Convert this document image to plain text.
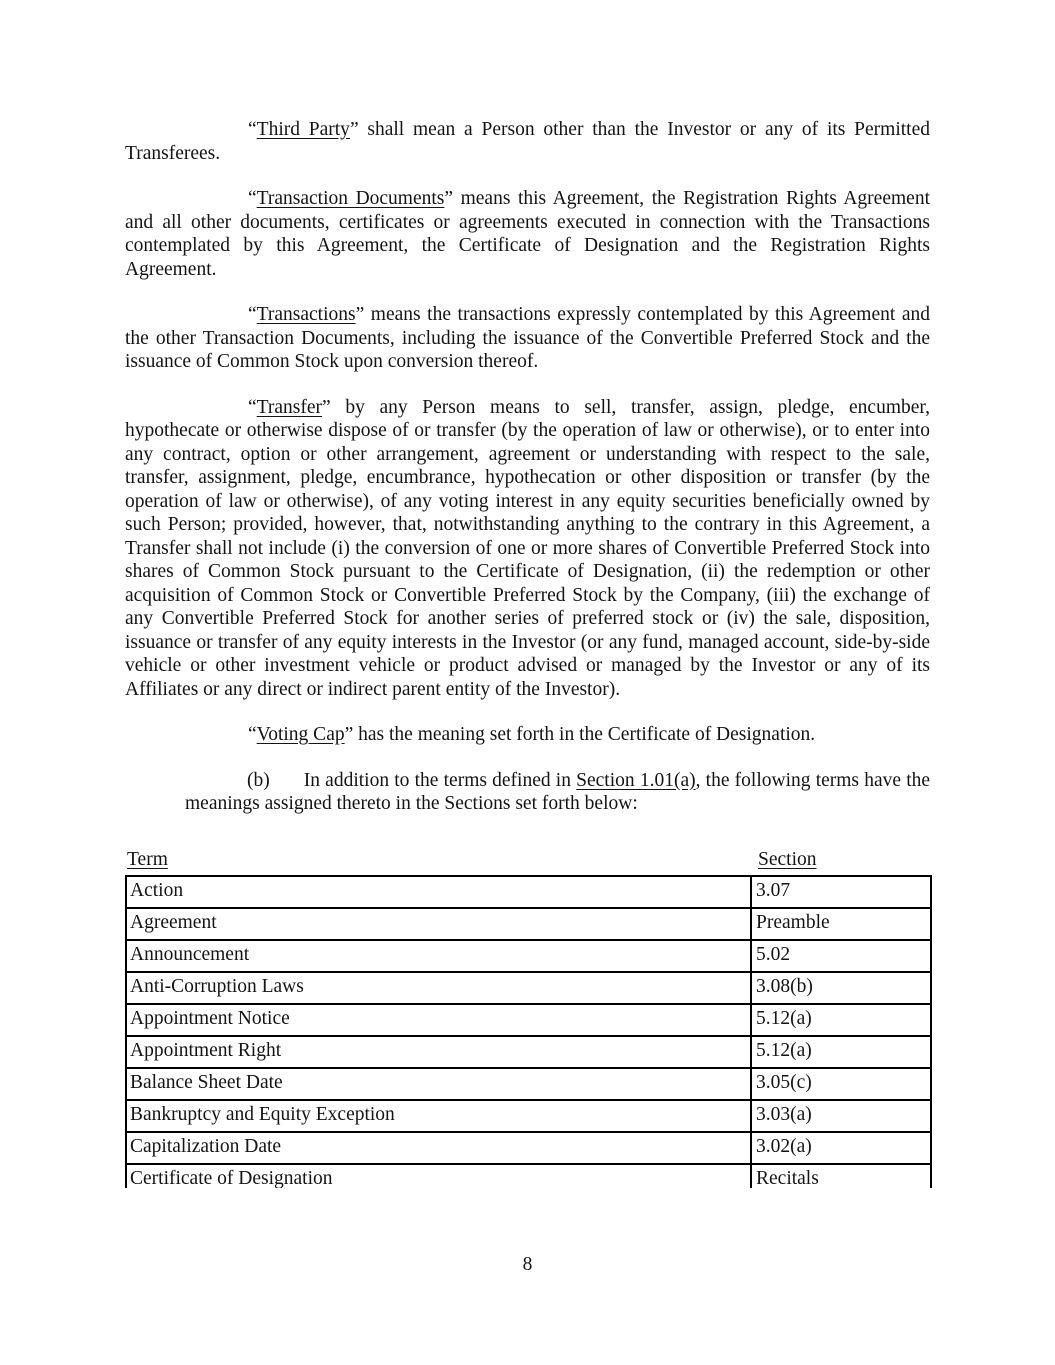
“Third Party” shall mean a Person other than the Investor or any of its Permitted Transferees.

“Transaction Documents” means this Agreement, the Registration Rights Agreement and all other documents, certificates or agreements executed in connection with the Transactions contemplated by this Agreement, the Certificate of Designation and the Registration Rights Agreement.

“Transactions” means the transactions expressly contemplated by this Agreement and the other Transaction Documents, including the issuance of the Convertible Preferred Stock and the issuance of Common Stock upon conversion thereof.

“Transfer” by any Person means to sell, transfer, assign, pledge, encumber, hypothecate or otherwise dispose of or transfer (by the operation of law or otherwise), or to enter into any contract, option or other arrangement, agreement or understanding with respect to the sale, transfer, assignment, pledge, encumbrance, hypothecation or other disposition or transfer (by the operation of law or otherwise), of any voting interest in any equity securities beneficially owned by such Person; provided, however, that, notwithstanding anything to the contrary in this Agreement, a Transfer shall not include (i) the conversion of one or more shares of Convertible Preferred Stock into shares of Common Stock pursuant to the Certificate of Designation, (ii) the redemption or other acquisition of Common Stock or Convertible Preferred Stock by the Company, (iii) the exchange of any Convertible Preferred Stock for another series of preferred stock or (iv) the sale, disposition, issuance or transfer of any equity interests in the Investor (or any fund, managed account, side-by-side vehicle or other investment vehicle or product advised or managed by the Investor or any of its Affiliates or any direct or indirect parent entity of the Investor).

“Voting Cap” has the meaning set forth in the Certificate of Designation.

(b) In addition to the terms defined in Section 1.01(a), the following terms have the meanings assigned thereto in the Sections set forth below:

Term	Section
Action	3.07
Agreement	Preamble
Announcement	5.02
Anti-Corruption Laws	3.08(b)
Appointment Notice	5.12(a)
Appointment Right	5.12(a)
Balance Sheet Date	3.05(c)
Bankruptcy and Equity Exception	3.03(a)
Capitalization Date	3.02(a)
Certificate of Designation	Recitals
8
